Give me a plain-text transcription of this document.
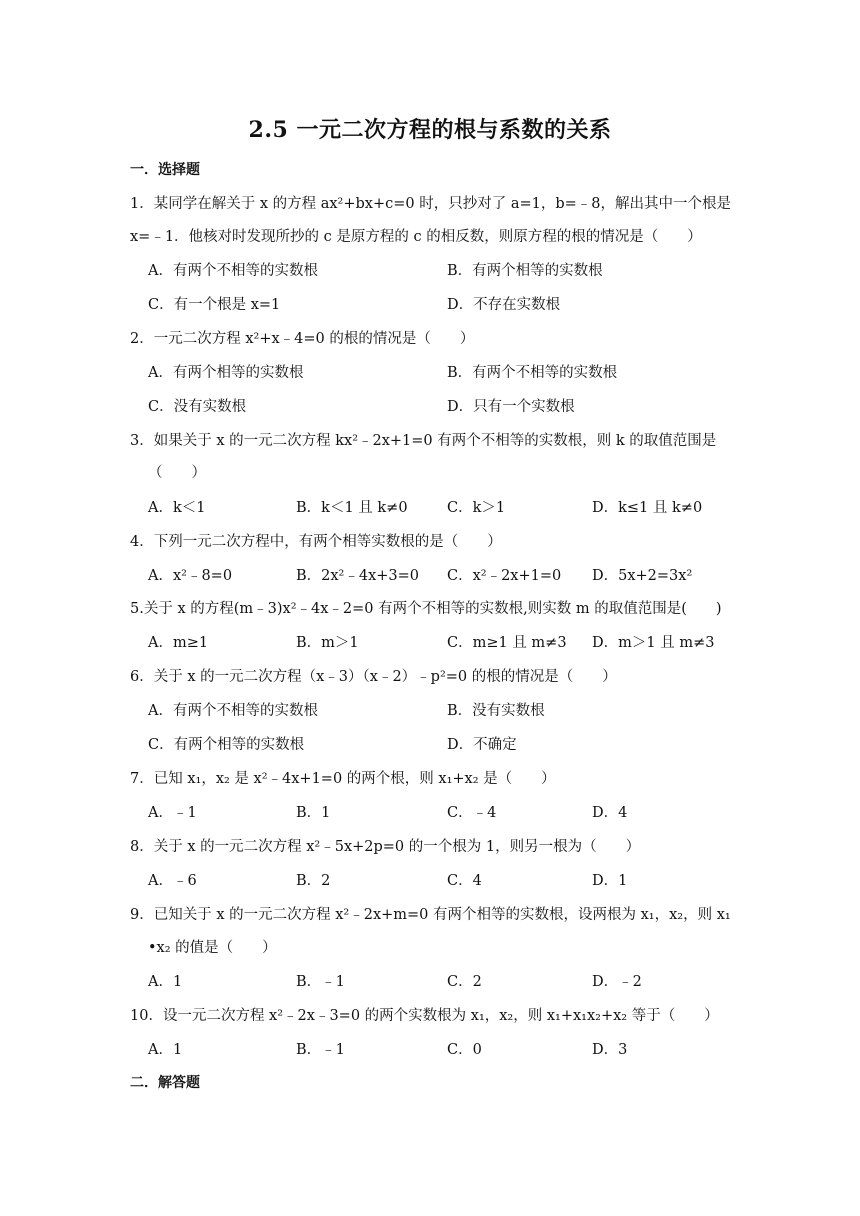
2.5 一元二次方程的根与系数的关系
一．选择题
1．某同学在解关于 x 的方程 ax²+bx+c=0 时，只抄对了 a=1，b=﹣8，解出其中一个根是
x=﹣1．他核对时发现所抄的 c 是原方程的 c 的相反数，则原方程的根的情况是（　　）
A．有两个不相等的实数根	B．有两个相等的实数根
C．有一个根是 x=1	D．不存在实数根
2．一元二次方程 x²+x﹣4=0 的根的情况是（　　）
A．有两个相等的实数根	B．有两个不相等的实数根
C．没有实数根	D．只有一个实数根
3．如果关于 x 的一元二次方程 kx²﹣2x+1=0 有两个不相等的实数根，则 k 的取值范围是
（　　）
A．k＜1	B．k＜1 且 k≠0	C．k＞1	D．k≤1 且 k≠0
4．下列一元二次方程中，有两个相等实数根的是（　　）
A．x²﹣8=0	B．2x²﹣4x+3=0 C．x²﹣2x+1=0 D．5x+2=3x²
5.关于 x 的方程(m﹣3)x²﹣4x﹣2=0 有两个不相等的实数根,则实数 m 的取值范围是(　　)
A．m≥1	B．m＞1	C．m≥1 且 m≠3 D．m＞1 且 m≠3
6．关于 x 的一元二次方程（x﹣3）（x﹣2）﹣p²=0 的根的情况是（　　）
A．有两个不相等的实数根	B．没有实数根
C．有两个相等的实数根	D．不确定
7．已知 x₁，x₂ 是 x²﹣4x+1=0 的两个根，则 x₁+x₂ 是（　　）
A．﹣1	B．1	C．﹣4	D．4
8．关于 x 的一元二次方程 x²﹣5x+2p=0 的一个根为 1，则另一根为（　　）
A．﹣6	B．2	C．4	D．1
9．已知关于 x 的一元二次方程 x²﹣2x+m=0 有两个相等的实数根，设两根为 x₁，x₂，则 x₁
•x₂ 的值是（　　）
A．1	B．﹣1	C．2	D．﹣2
10．设一元二次方程 x²﹣2x﹣3=0 的两个实数根为 x₁，x₂，则 x₁+x₁x₂+x₂ 等于（　　）
A．1	B．﹣1	C．0	D．3
二．解答题
